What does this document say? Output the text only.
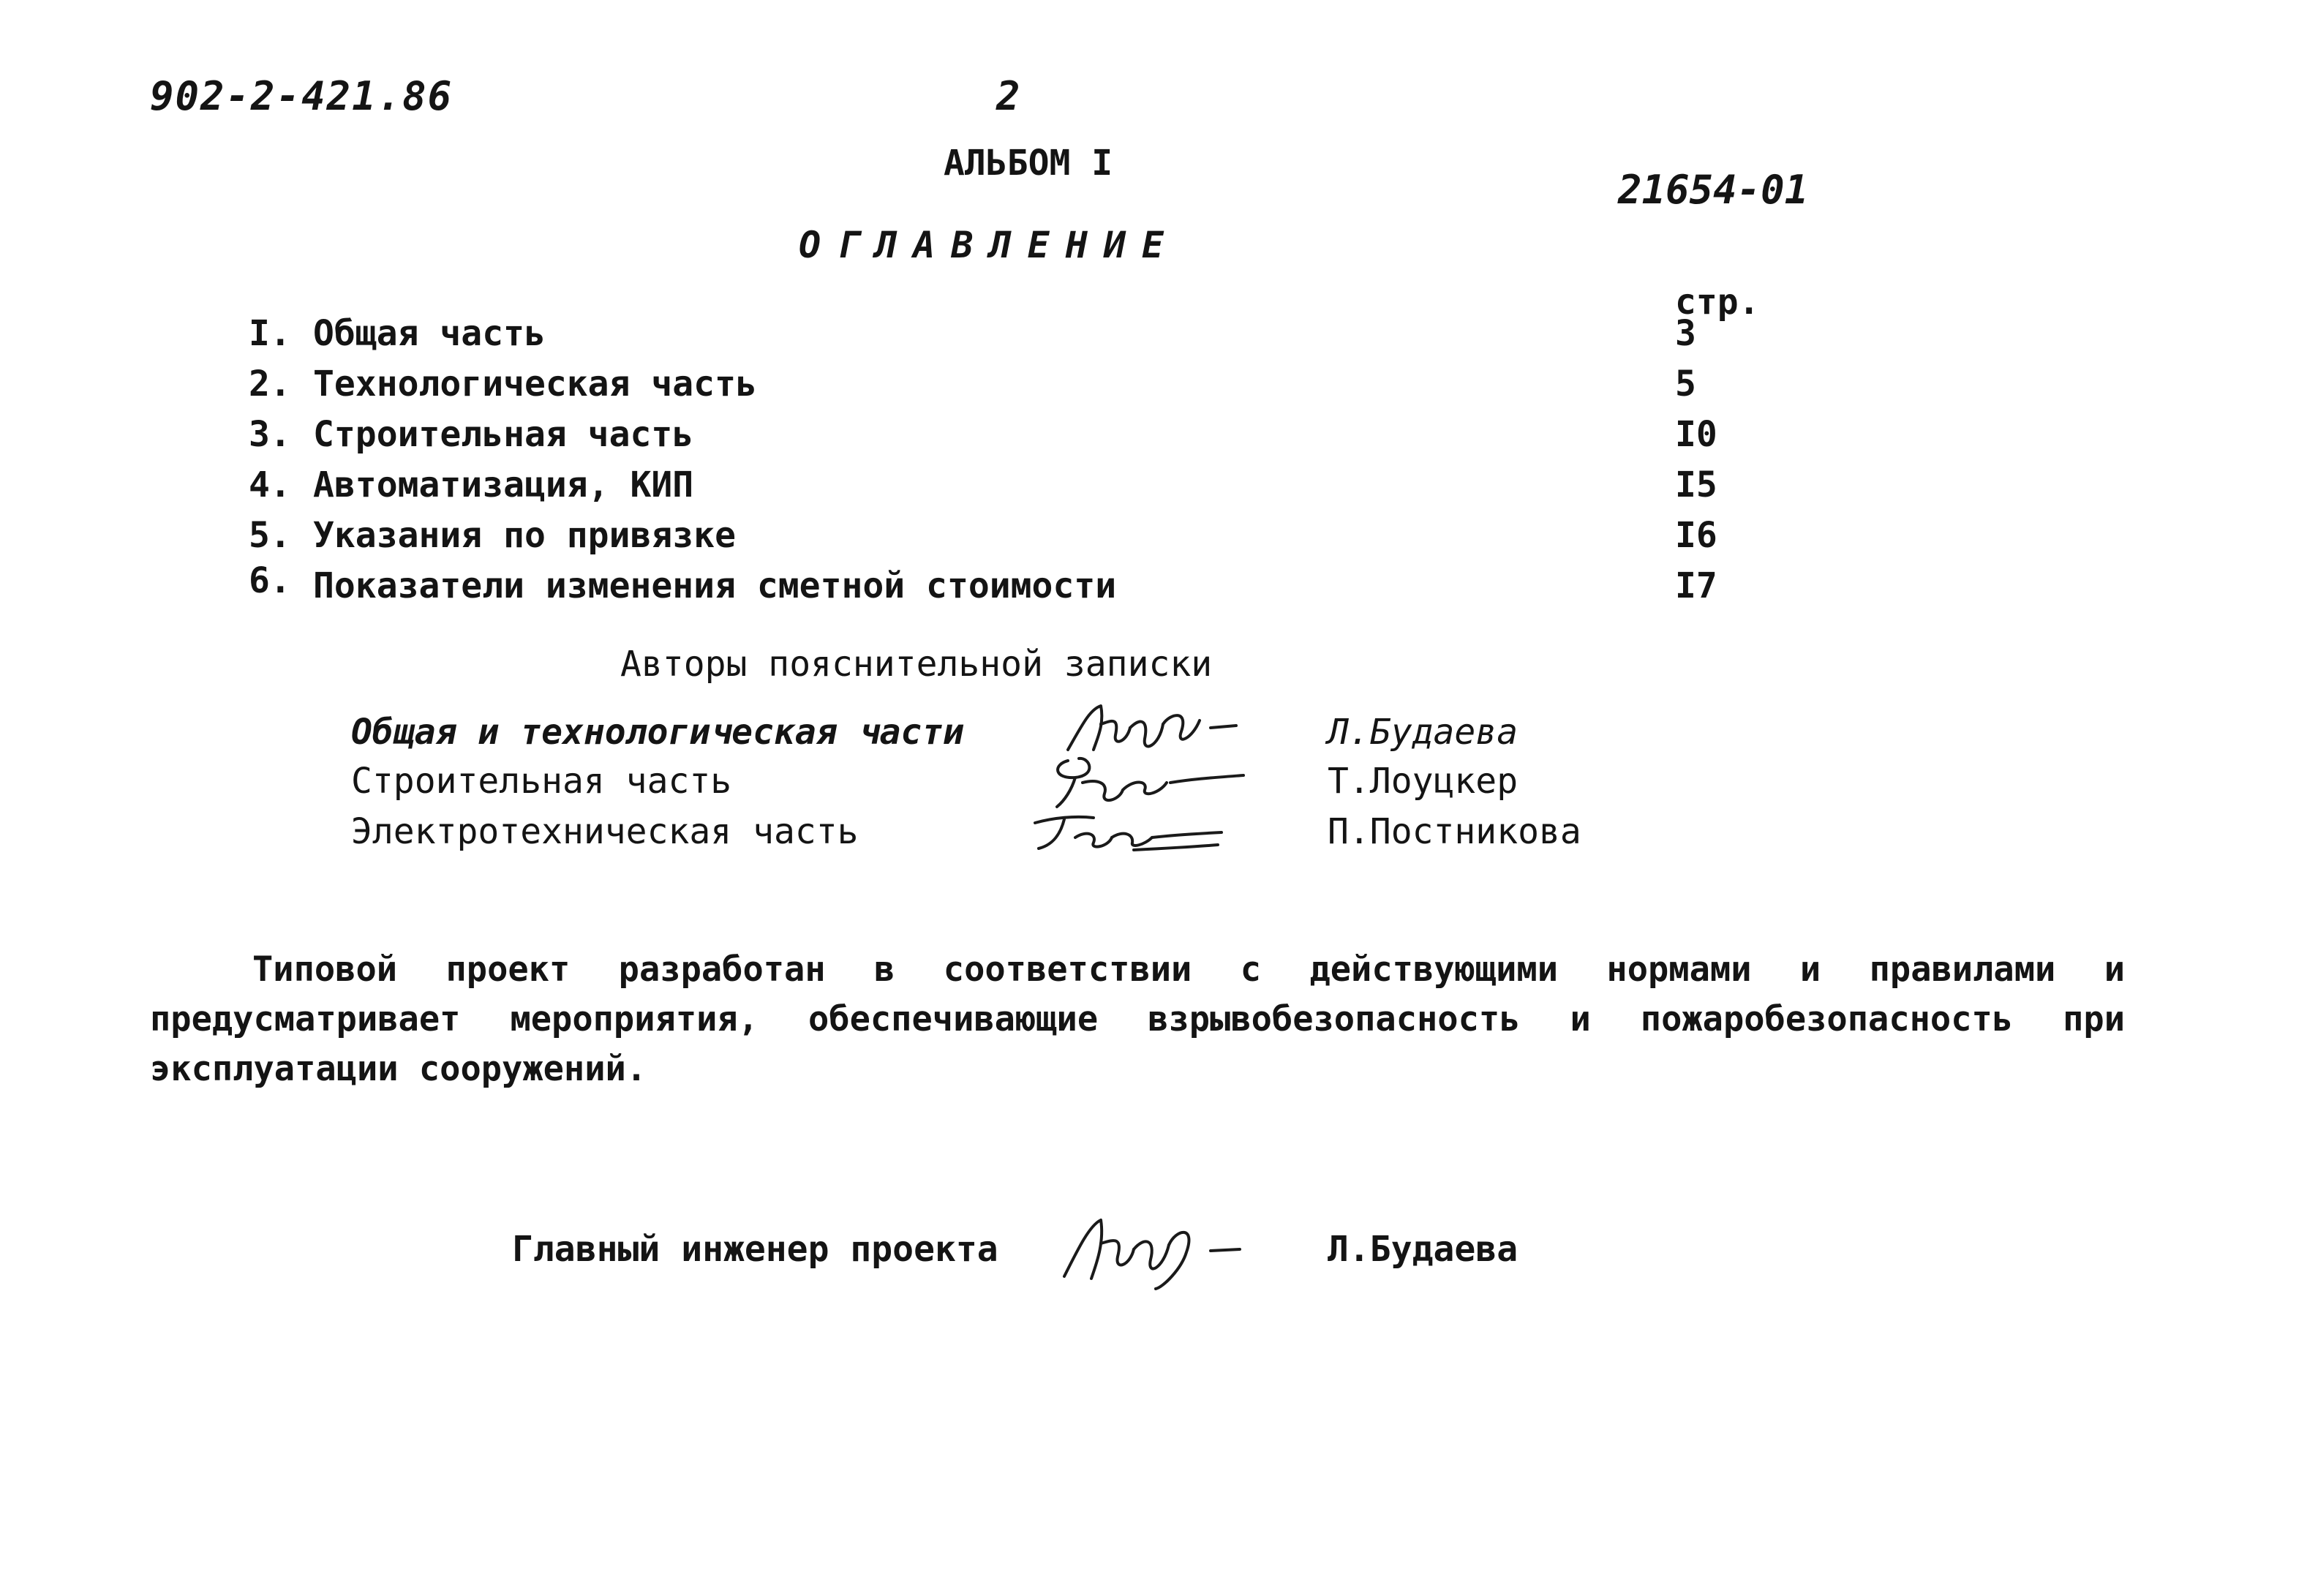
902-2-421.86	2
АЛЬБОМ I
21654-01
ОГЛАВЛЕНИЕ
стр.
I. Общая часть	3
2. Технологическая часть	5
3. Строительная часть	I0
4. Автоматизация, КИП	I5
5. Указания по привязке	I6
6. Показатели изменения сметной стоимости	I7
Авторы пояснительной записки
Общая и технологическая части	Л.Будаева
Строительная часть	Т.Лоуцкер
Электротехническая часть	П.Постникова
Типовой проект разработан в соответствии с действующими нормами и правилами и предусматривает мероприятия, обеспечивающие взрывобезопасность и пожаробезопасность при эксплуатации сооружений.
Главный инженер проекта	Л.Будаева
